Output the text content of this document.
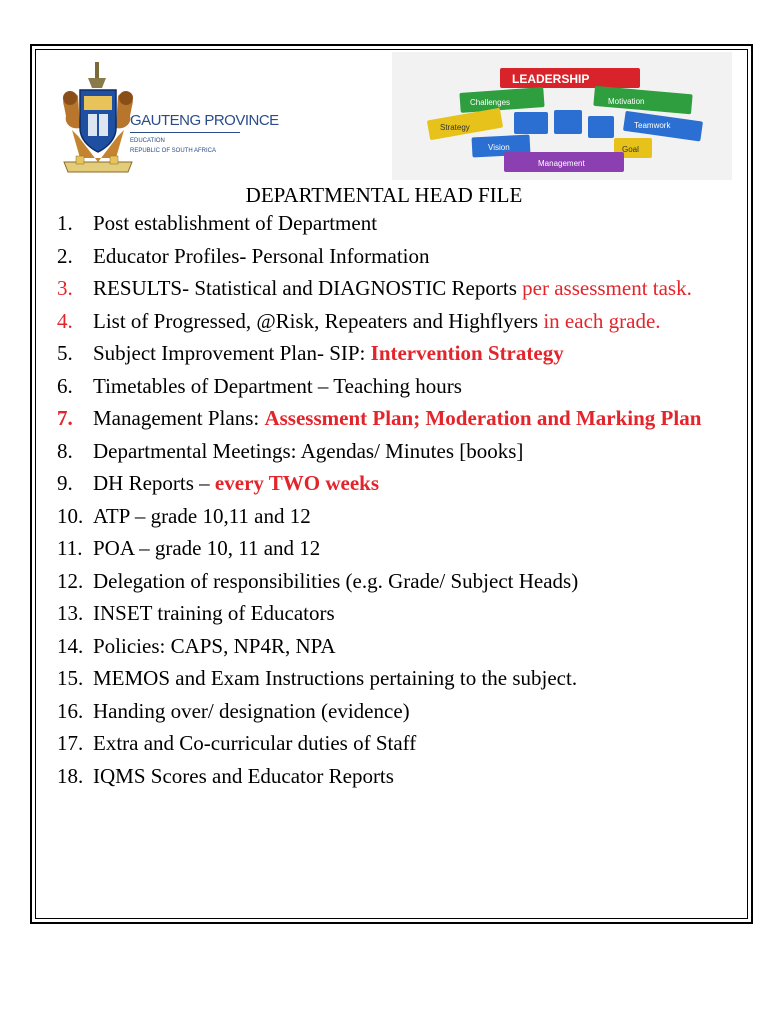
GAUTENG PROVINCE
EDUCATION
REPUBLIC OF SOUTH AFRICA
LEADERSHIP
Challenges	Motivation
Strategy	Teamwork
Vision	Goal
Management
DEPARTMENTAL HEAD FILE
1. Post establishment of Department
2. Educator Profiles- Personal Information
3. RESULTS- Statistical and DIAGNOSTIC Reports per assessment task.
4. List of Progressed, @Risk, Repeaters and Highflyers in each grade.
5. Subject Improvement Plan- SIP: Intervention Strategy
6. Timetables of Department – Teaching hours
7. Management Plans: Assessment Plan; Moderation and Marking Plan
8. Departmental Meetings: Agendas/ Minutes [books]
9. DH Reports – every TWO weeks
10. ATP – grade 10,11 and 12
11. POA – grade 10, 11 and 12
12. Delegation of responsibilities (e.g. Grade/ Subject Heads)
13. INSET training of Educators
14. Policies: CAPS, NP4R, NPA
15. MEMOS and Exam Instructions pertaining to the subject.
16. Handing over/ designation (evidence)
17. Extra and Co-curricular duties of Staff
18. IQMS Scores and Educator Reports
